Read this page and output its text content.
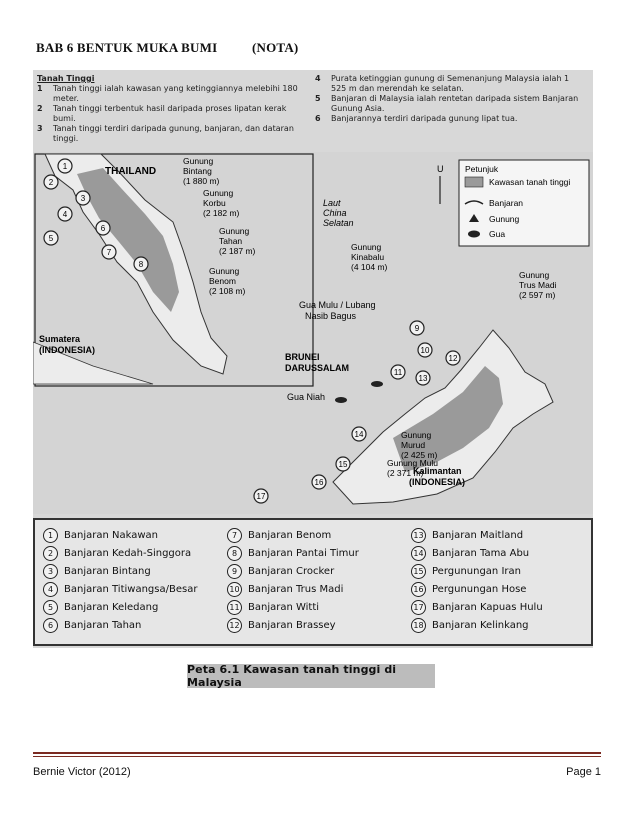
BAB 6 BENTUK MUKA BUMI	(NOTA)
Tanah Tinggi
1	Tanah tinggi ialah kawasan yang ketinggiannya melebihi 180 meter.
2	Tanah tinggi terbentuk hasil daripada proses lipatan kerak bumi.
3	Tanah tinggi terdiri daripada gunung, banjaran, dan dataran tinggi.
4	Purata ketinggian gunung di Semenanjung Malaysia ialah 1 525 m dan merendah ke selatan.
5	Banjaran di Malaysia ialah rentetan daripada sistem Banjaran Gunung Asia.
6	Banjarannya terdiri daripada gunung lipat tua.
Petunjuk
Kawasan tanah tinggi
Banjaran
Gunung
Gua
U
THAILAND
Sumatera
(INDONESIA)
Laut
China
Selatan
BRUNEI
DARUSSALAM
Kalimantan
(INDONESIA)
Gua Niah
Gua Mulu / Lubang
Nasib Bagus
Gunung
Bintang
(1 880 m)
Gunung
Korbu
(2 182 m)
Gunung
Tahan
(2 187 m)
Gunung
Benom
(2 108 m)
Gunung
Kinabalu
(4 104 m)
Gunung
Trus Madi
(2 597 m)
Gunung
Murud
(2 425 m)
Gunung Mulu
(2 371 m)
1
2
3
4
5
6
7
8
9
10
11
12
13
14
15
16
17
1	Banjaran Nakawan
2	Banjaran Kedah-Singgora
3	Banjaran Bintang
4	Banjaran Titiwangsa/Besar
5	Banjaran Keledang
6	Banjaran Tahan
7	Banjaran Benom
8	Banjaran Pantai Timur
9	Banjaran Crocker
10 Banjaran Trus Madi
11 Banjaran Witti
12 Banjaran Brassey
13 Banjaran Maitland
14 Banjaran Tama Abu
15 Pergunungan Iran
16 Pergunungan Hose
17 Banjaran Kapuas Hulu
18 Banjaran Kelinkang
Peta 6.1 Kawasan tanah tinggi di Malaysia
Bernie Victor (2012)	Page 1
